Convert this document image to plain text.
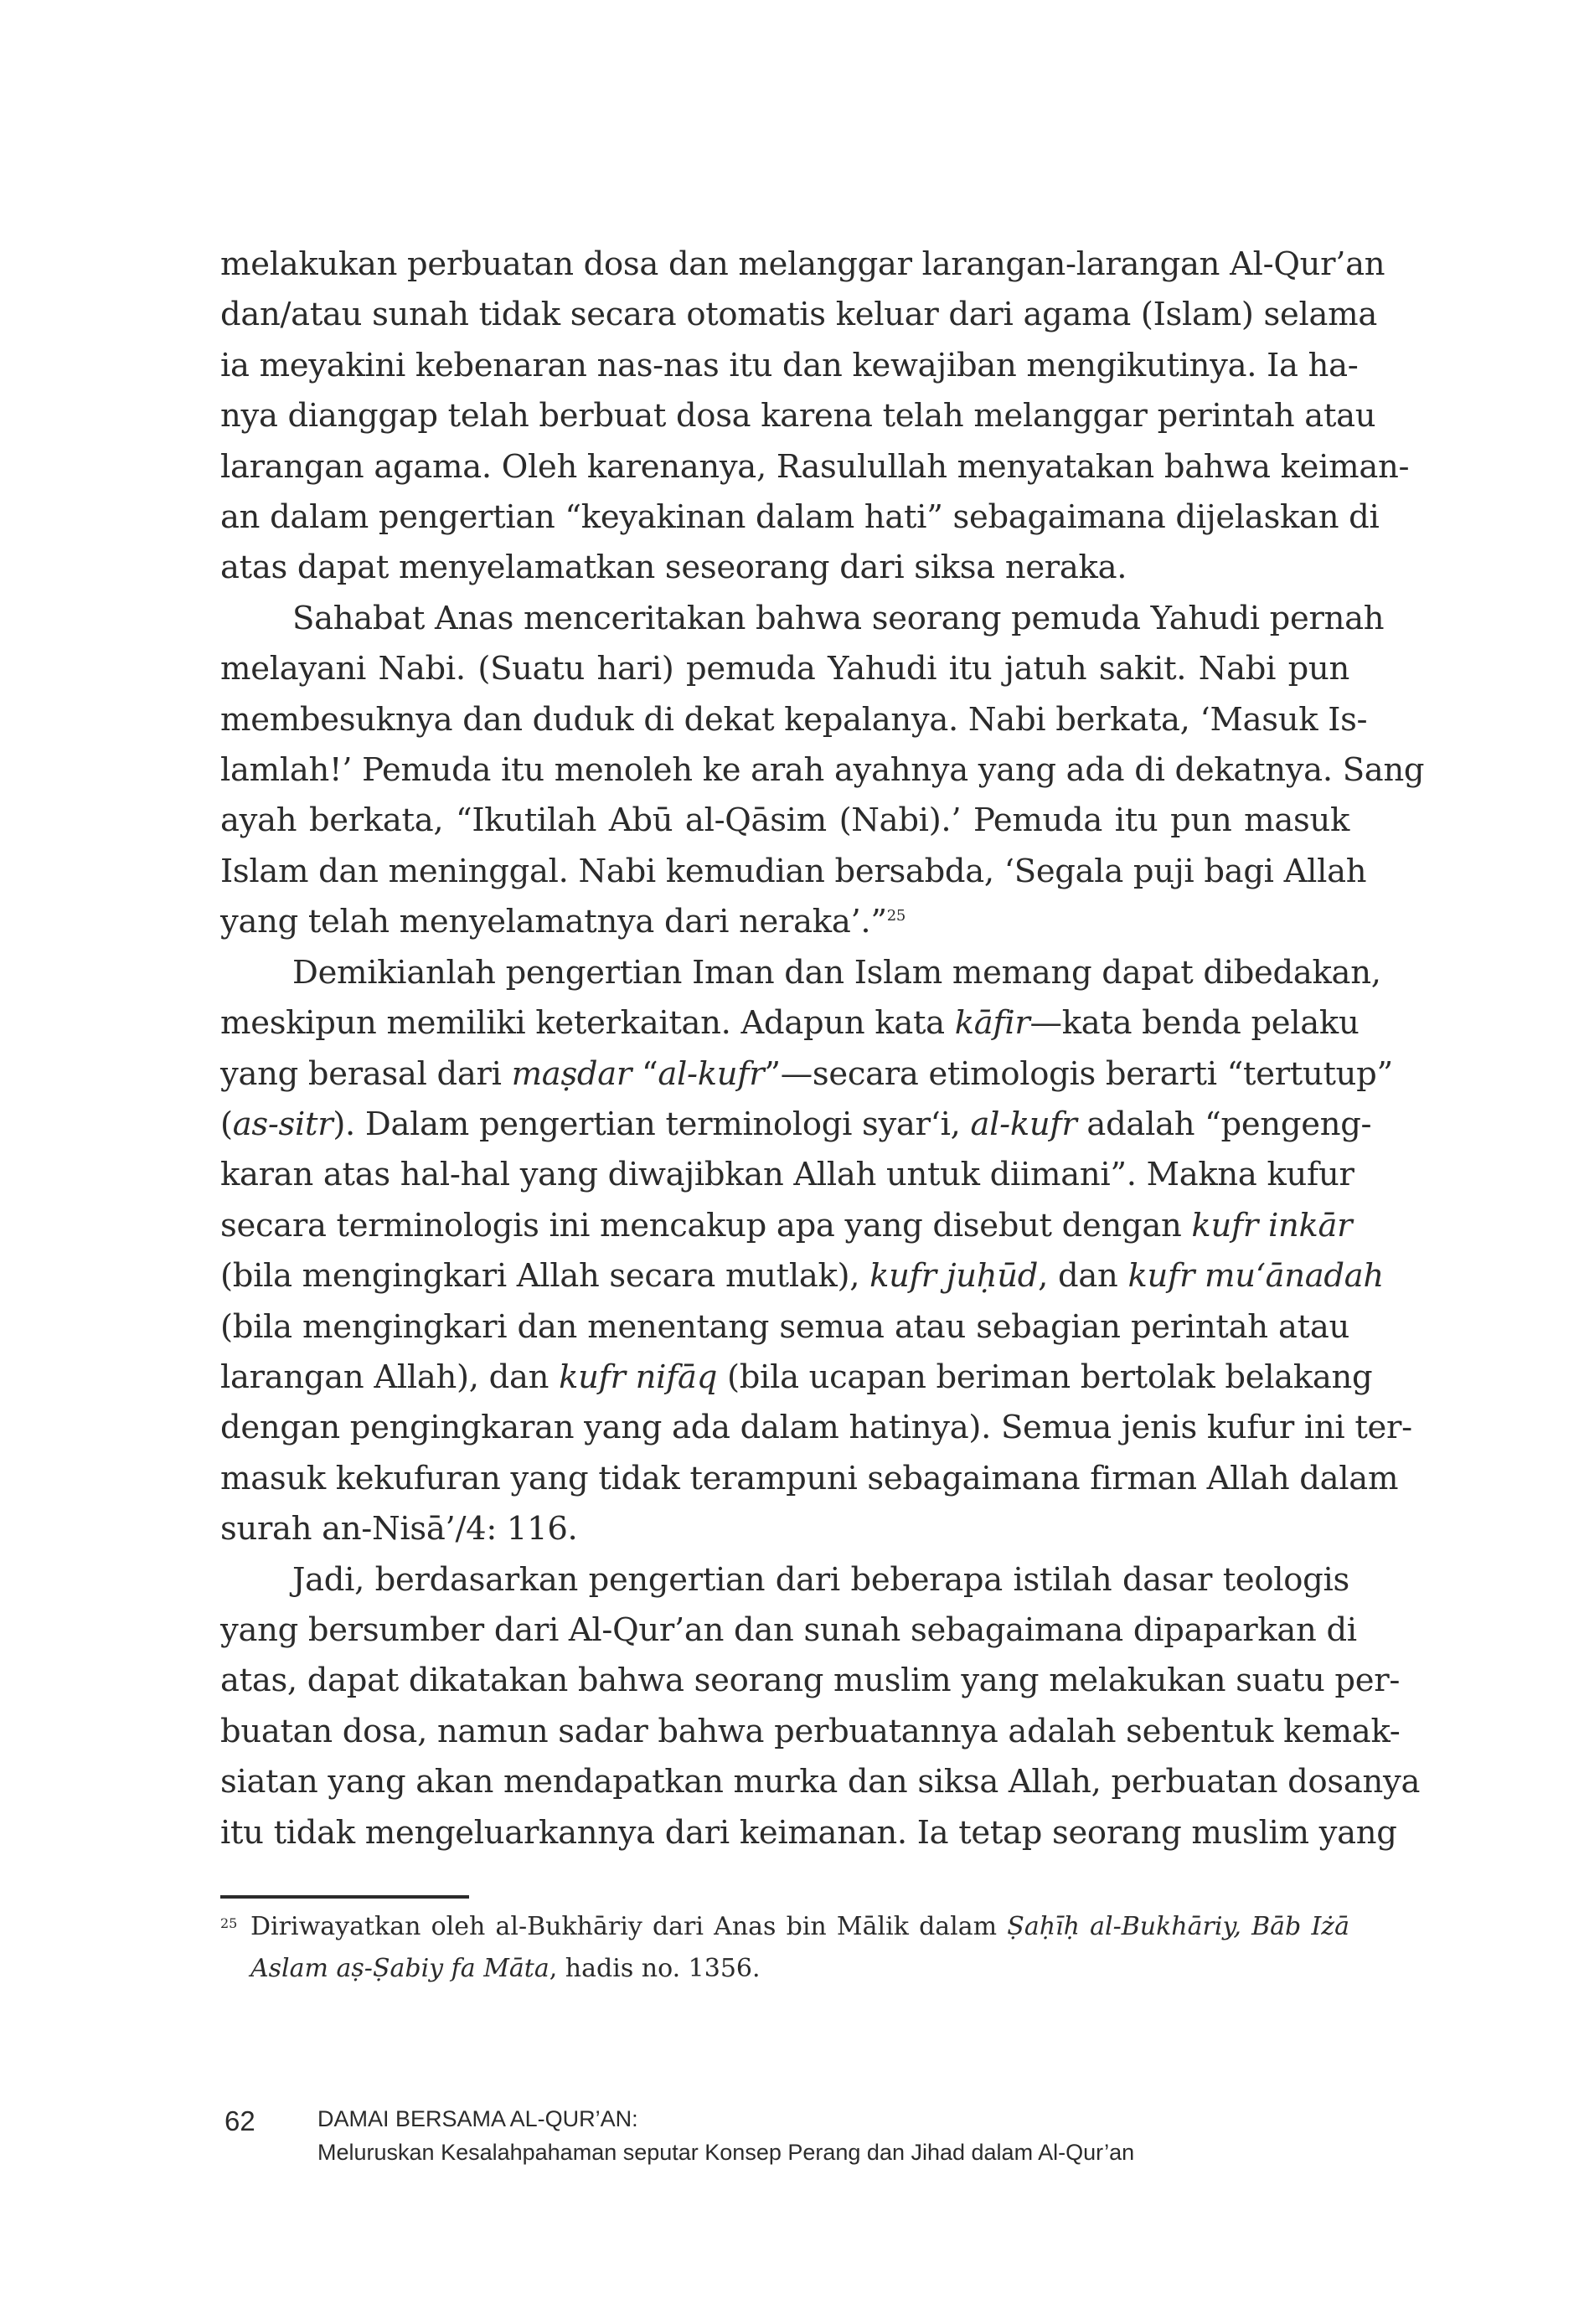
melakukan perbuatan dosa dan melanggar larangan-larangan Al-Qur’an
dan/atau sunah tidak secara otomatis keluar dari agama (Islam) selama
ia meyakini kebenaran nas-nas itu dan kewajiban mengikutinya. Ia ha-
nya dianggap telah berbuat dosa karena telah melanggar perintah atau
larangan agama. Oleh karenanya, Rasulullah menyatakan bahwa keiman-
an dalam pengertian “keyakinan dalam hati” sebagaimana dijelaskan di
atas dapat menyelamatkan seseorang dari siksa neraka.

Sahabat Anas menceritakan bahwa seorang pemuda Yahudi pernah
melayani Nabi. (Suatu hari) pemuda Yahudi itu jatuh sakit. Nabi pun
membesuknya dan duduk di dekat kepalanya. Nabi berkata, ‘Masuk Is-
lamlah!’ Pemuda itu menoleh ke arah ayahnya yang ada di dekatnya. Sang
ayah berkata, “Ikutilah Abū al-Qāsim (Nabi).’ Pemuda itu pun masuk
Islam dan meninggal. Nabi kemudian bersabda, ‘Segala puji bagi Allah
yang telah menyelamatnya dari neraka’.”$^{25}$

Demikianlah pengertian Iman dan Islam memang dapat dibedakan,
meskipun memiliki keterkaitan. Adapun kata kāfir—kata benda pelaku
yang berasal dari maṣdar “al-kufr”—secara etimologis berarti “tertutup”
(as-sitr). Dalam pengertian terminologi syar‘i, al-kufr adalah “pengeng-
karan atas hal-hal yang diwajibkan Allah untuk diimani”. Makna kufur
secara terminologis ini mencakup apa yang disebut dengan kufr inkār
(bila mengingkari Allah secara mutlak), kufr juḥūd, dan kufr mu‘ānadah
(bila mengingkari dan menentang semua atau sebagian perintah atau
larangan Allah), dan kufr nifāq (bila ucapan beriman bertolak belakang
dengan pengingkaran yang ada dalam hatinya). Semua jenis kufur ini ter-
masuk kekufuran yang tidak terampuni sebagaimana firman Allah dalam
surah an-Nisā’/4: 116.

Jadi, berdasarkan pengertian dari beberapa istilah dasar teologis
yang bersumber dari Al-Qur’an dan sunah sebagaimana dipaparkan di
atas, dapat dikatakan bahwa seorang muslim yang melakukan suatu per-
buatan dosa, namun sadar bahwa perbuatannya adalah sebentuk kemak-
siatan yang akan mendapatkan murka dan siksa Allah, perbuatan dosanya
itu tidak mengeluarkannya dari keimanan. Ia tetap seorang muslim yang

25 Diriwayatkan oleh al-Bukhāriy dari Anas bin Mālik dalam Ṣaḥīḥ al-Bukhāriy, Bāb Iżā
Aslam aṣ-Ṣabiy fa Māta, hadis no. 1356.
62	DAMAI BERSAMA AL-QUR’AN:
Meluruskan Kesalahpahaman seputar Konsep Perang dan Jihad dalam Al-Qur’an
